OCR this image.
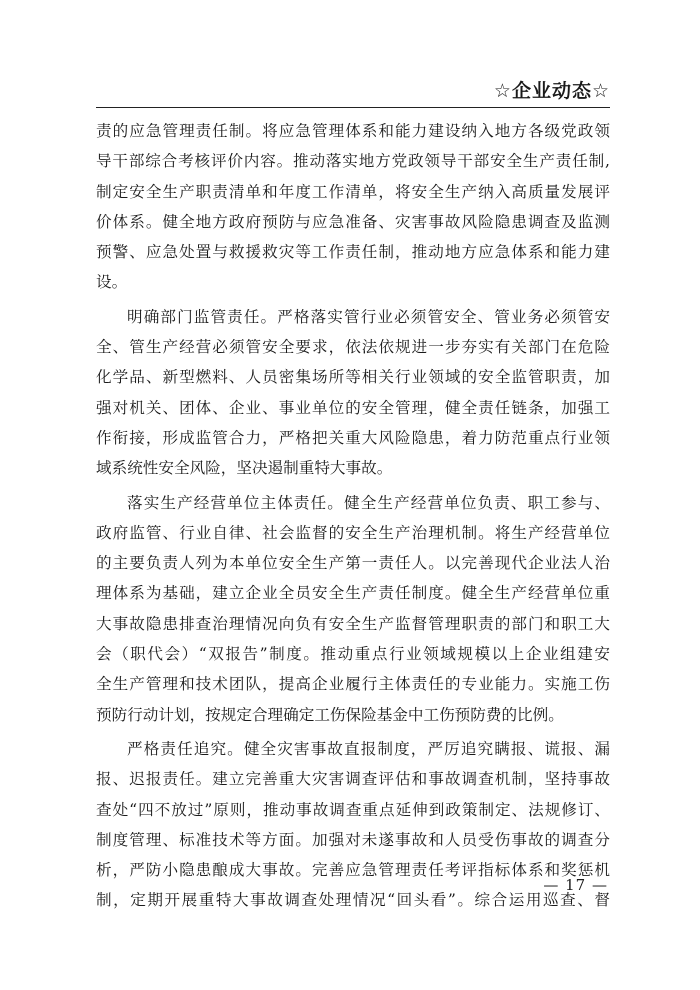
☆企业动态☆
责的应急管理责任制。将应急管理体系和能力建设纳入地方各级党政领
导干部综合考核评价内容。推动落实地方党政领导干部安全生产责任制,
制定安全生产职责清单和年度工作清单，将安全生产纳入高质量发展评
价体系。健全地方政府预防与应急准备、灾害事故风险隐患调查及监测
预警、应急处置与救援救灾等工作责任制，推动地方应急体系和能力建
设。
明确部门监管责任。严格落实管行业必须管安全、管业务必须管安
全、管生产经营必须管安全要求，依法依规进一步夯实有关部门在危险
化学品、新型燃料、人员密集场所等相关行业领域的安全监管职责，加
强对机关、团体、企业、事业单位的安全管理，健全责任链条，加强工
作衔接，形成监管合力，严格把关重大风险隐患，着力防范重点行业领
域系统性安全风险，坚决遏制重特大事故。
落实生产经营单位主体责任。健全生产经营单位负责、职工参与、
政府监管、行业自律、社会监督的安全生产治理机制。将生产经营单位
的主要负责人列为本单位安全生产第一责任人。以完善现代企业法人治
理体系为基础，建立企业全员安全生产责任制度。健全生产经营单位重
大事故隐患排查治理情况向负有安全生产监督管理职责的部门和职工大
会（职代会）“双报告”制度。推动重点行业领域规模以上企业组建安
全生产管理和技术团队，提高企业履行主体责任的专业能力。实施工伤
预防行动计划，按规定合理确定工伤保险基金中工伤预防费的比例。
严格责任追究。健全灾害事故直报制度，严厉追究瞒报、谎报、漏
报、迟报责任。建立完善重大灾害调查评估和事故调查机制，坚持事故
查处“四不放过”原则，推动事故调查重点延伸到政策制定、法规修订、
制度管理、标准技术等方面。加强对未遂事故和人员受伤事故的调查分
析，严防小隐患酿成大事故。完善应急管理责任考评指标体系和奖惩机
制，定期开展重特大事故调查处理情况“回头看”。综合运用巡查、督
— 17 —
